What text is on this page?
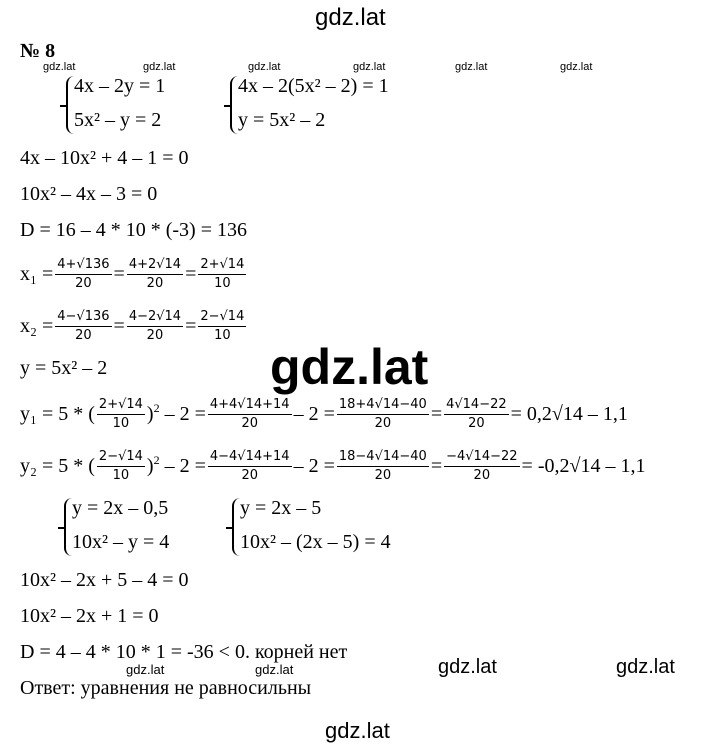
gdz.lat
gdz.lat
gdz.lat	gdz.lat
gdz.lat
gdz.lat	gdz.lat	gdz.lat	gdz.lat	gdz.lat	gdz.lat
gdz.lat	gdz.lat
№ 8
4x – 2y = 1
5x² – y = 2
4x – 2(5x² – 2) = 1
y = 5x² – 2
4x – 10x² + 4 – 1 = 0
10x² – 4x – 3 = 0
D = 16 – 4 * 10 * (-3) = 136
$x_1 = \frac{4+√136}{20} = \frac{4+2√14}{20} = \frac{2+√14}{10}$
$x_2 = \frac{4-√136}{20} = \frac{4-2√14}{20} = \frac{2-√14}{10}$
y = 5x² – 2
y₁ = 5 * ( $\frac{2+√14}{10} )^2 - 2 = \frac{4+4√14+14}{20} - 2 = \frac{18+4√14-40}{20} = \frac{4√14-22}{20} = 0,2√14 - 1,1$
y₂ = 5 * ( $\frac{2-√14}{10} )^2 - 2 = \frac{4-4√14+14}{20} - 2 = \frac{18-4√14-40}{20} = \frac{-4√14-22}{20} = -0,2√14 - 1,1$
y = 2x – 0,5
10x² – y = 4
y = 2x – 5
10x² – (2x – 5) = 4
10x² – 2x + 5 – 4 = 0
10x² – 2x + 1 = 0
D = 4 – 4 * 10 * 1 = -36 < 0. корней нет
Ответ: уравнения не равносильны
